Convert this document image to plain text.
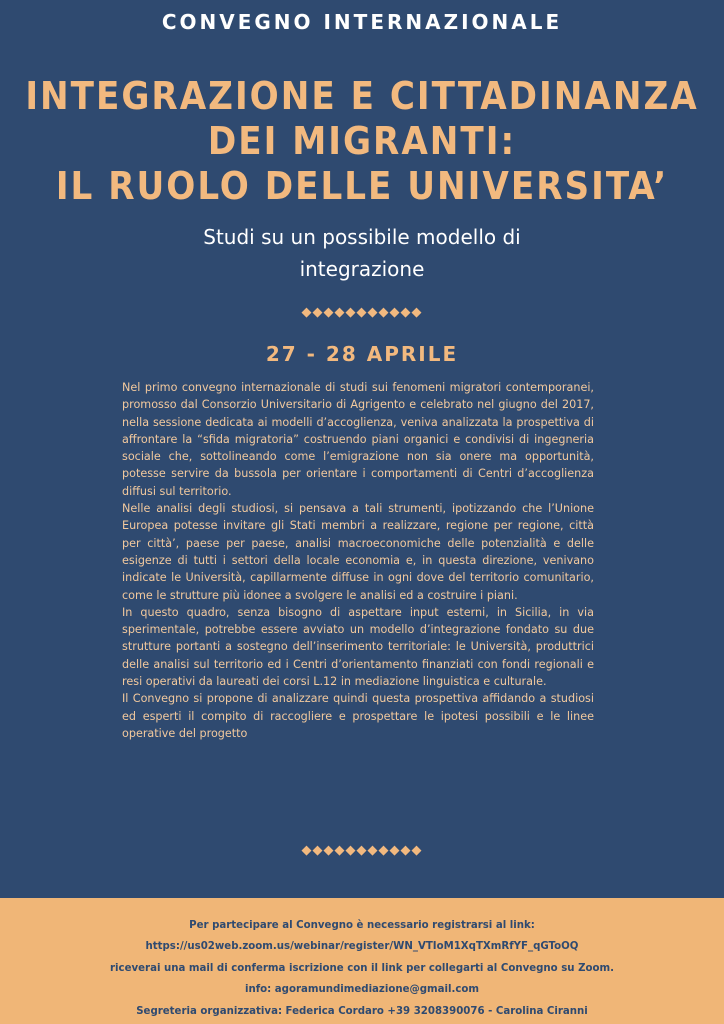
CONVEGNO INTERNAZIONALE
INTEGRAZIONE E CITTADINANZA
DEI MIGRANTI:
IL RUOLO DELLE UNIVERSITA’
Studi su un possibile modello di
integrazione
◆◆◆◆◆◆◆◆◆◆◆
27 - 28 APRILE

Nel primo convegno internazionale di studi sui fenomeni migratori contemporanei, promosso dal Consorzio Universitario di Agrigento e celebrato nel giugno del 2017, nella sessione dedicata ai modelli d’accoglienza, veniva analizzata la prospettiva di affrontare la “sfida migratoria” costruendo piani organici e condivisi di ingegneria sociale che, sottolineando come l’emigrazione non sia onere ma opportunità, potesse servire da bussola per orientare i comportamenti di Centri d’accoglienza diffusi sul territorio.

Nelle analisi degli studiosi, si pensava a tali strumenti, ipotizzando che l’Unione Europea potesse invitare gli Stati membri a realizzare, regione per regione, città per città’, paese per paese, analisi macroeconomiche delle potenzialità e delle esigenze di tutti i settori della locale economia e, in questa direzione, venivano indicate le Università, capillarmente diffuse in ogni dove del territorio comunitario, come le strutture più idonee a svolgere le analisi ed a costruire i piani.

In questo quadro, senza bisogno di aspettare input esterni, in Sicilia, in via sperimentale, potrebbe essere avviato un modello d’integrazione fondato su due strutture portanti a sostegno dell’inserimento territoriale: le Università, produttrici delle analisi sul territorio ed i Centri d’orientamento finanziati con fondi regionali e resi operativi da laureati dei corsi L.12 in mediazione linguistica e culturale.

Il Convegno si propone di analizzare quindi questa prospettiva affidando a studiosi ed esperti il compito di raccogliere e prospettare le ipotesi possibili e le linee operative del progetto

◆◆◆◆◆◆◆◆◆◆◆
Per partecipare al Convegno è necessario registrarsi al link:
https://us02web.zoom.us/webinar/register/WN_VTIoM1XqTXmRfYF_qGToOQ
riceverai una mail di conferma iscrizione con il link per collegarti al Convegno su Zoom.
info: agoramundimediazione@gmail.com
Segreteria organizzativa: Federica Cordaro +39 3208390076 - Carolina Ciranni
